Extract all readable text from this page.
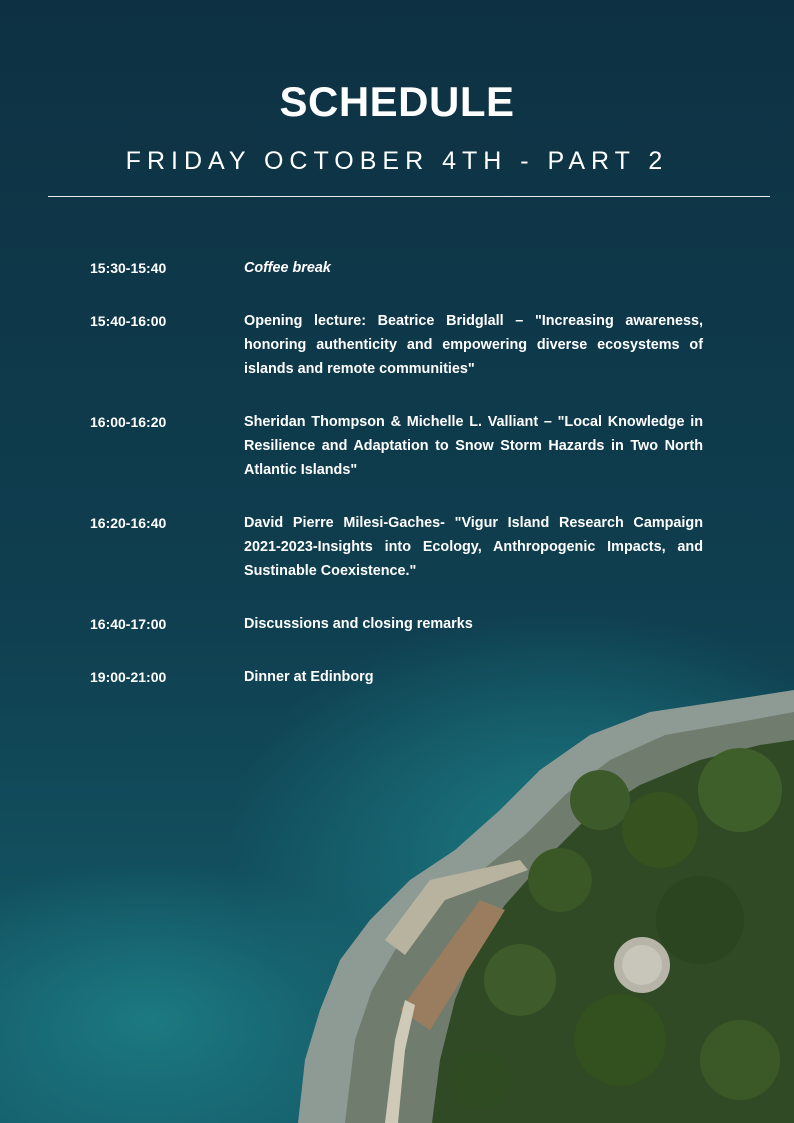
SCHEDULE
FRIDAY OCTOBER 4TH - PART 2
15:30-15:40	Coffee break
15:40-16:00	Opening lecture: Beatrice Bridglall – "Increasing awareness, honoring authenticity and empowering diverse ecosystems of islands and remote communities"
16:00-16:20	Sheridan Thompson & Michelle L. Valliant – "Local Knowledge in Resilience and Adaptation to Snow Storm Hazards in Two North Atlantic Islands"
16:20-16:40	David Pierre Milesi-Gaches- "Vigur Island Research Campaign 2021-2023-Insights into Ecology, Anthropogenic Impacts, and Sustinable Coexistence."
16:40-17:00	Discussions and closing remarks
19:00-21:00	Dinner at Edinborg
